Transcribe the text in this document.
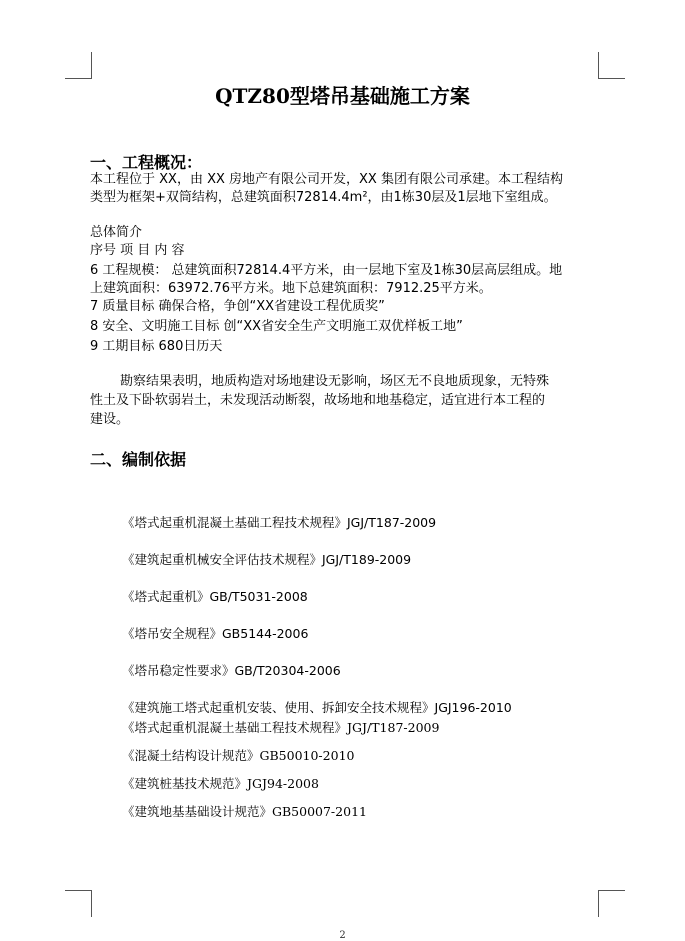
QTZ80型塔吊基础施工方案
一、工程概况：
本工程位于 XX，由 XX 房地产有限公司开发，XX 集团有限公司承建。本工程结构
类型为框架+双筒结构，总建筑面积72814.4m²，由1栋30层及1层地下室组成。
总体简介
序号 项 目 内 容
6 工程规模： 总建筑面积72814.4平方米，由一层地下室及1栋30层高层组成。地
上建筑面积：63972.76平方米。地下总建筑面积：7912.25平方米。
7 质量目标 确保合格，争创“XX省建设工程优质奖”
8 安全、文明施工目标 创“XX省安全生产文明施工双优样板工地”
9 工期目标 680日历天
勘察结果表明，地质构造对场地建设无影响，场区无不良地质现象，无特殊
性土及下卧软弱岩土，未发现活动断裂，故场地和地基稳定，适宜进行本工程的
建设。
二、编制依据
《塔式起重机混凝土基础工程技术规程》JGJ/T187-2009
《建筑起重机械安全评估技术规程》JGJ/T189-2009
《塔式起重机》GB/T5031-2008
《塔吊安全规程》GB5144-2006
《塔吊稳定性要求》GB/T20304-2006
《建筑施工塔式起重机安装、使用、拆卸安全技术规程》JGJ196-2010
《塔式起重机混凝土基础工程技术规程》JGJ/T187-2009
《混凝土结构设计规范》GB50010-2010
《建筑桩基技术规范》JGJ94-2008
《建筑地基基础设计规范》GB50007-2011
2
